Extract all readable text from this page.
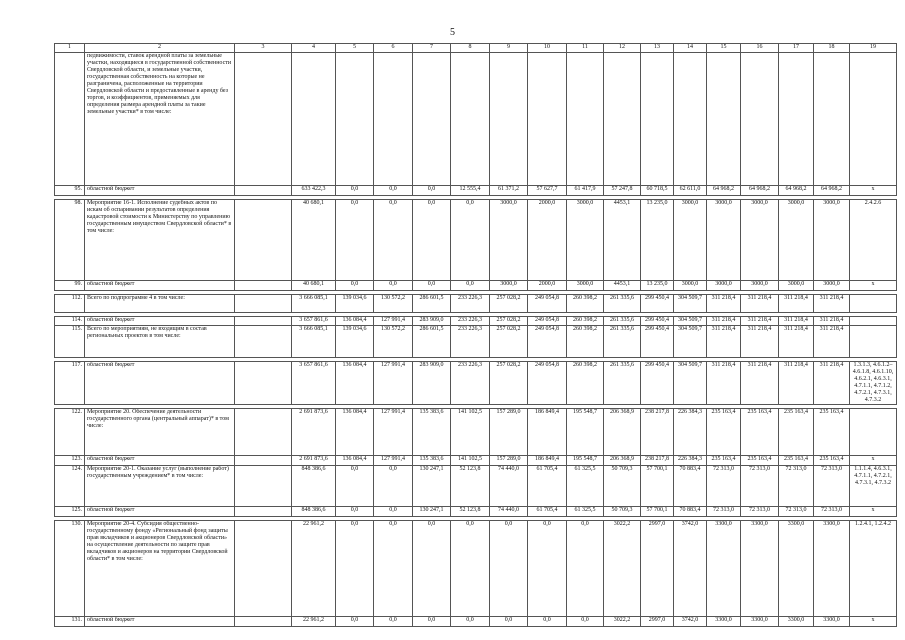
5
1	2	3	4	5	6	7	8	9	10	11	12	13	14	15	16	17	18	19
	педвижимости, ставок арендной платы за земельные участки, находящиеся в государственной собственности Свердловской области, и земельные участки, государственная собственность на которые не разграничена, расположенные на территории Свердловской области и предоставленные в аренду без торгов, и коэффициентов, применяемых для определения размера арендной платы за такие земельные участки* в том числе:																	
95.	областной бюджет		633 422,3	0,0	0,0	0,0	12 555,4	61 371,2	57 627,7	61 417,9	57 247,8	60 718,5	62 611,0	64 968,2	64 968,2	64 968,2	64 968,2	х

98.	Мероприятие 16-1. Исполнение судебных актов по искам об оспаривании результатов определения кадастровой стоимости к Министерству по управлению государственным имуществом Свердловской области* в том числе:		40 680,1	0,0	0,0	0,0	0,0	3000,0	2000,0	3000,0	4453,1	13 235,0	3000,0	3000,0	3000,0	3000,0	3000,0	2.4.2.6
99.	областной бюджет		40 680,1	0,0	0,0	0,0	0,0	3000,0	2000,0	3000,0	4453,1	13 235,0	3000,0	3000,0	3000,0	3000,0	3000,0	х

112.	Всего по подпрограмме 4 в том числе:		3 666 085,1	139 034,6	130 572,2	286 601,5	233 226,3	257 028,2	249 054,8	260 398,2	261 335,6	299 450,4	304 509,7	311 218,4	311 218,4	311 218,4	311 218,4	

114.	областной бюджет		3 657 861,6	136 084,4	127 991,4	283 909,0	233 226,3	257 028,2	249 054,8	260 398,2	261 335,6	299 450,4	304 509,7	311 218,4	311 218,4	311 218,4	311 218,4	
115.	Всего по мероприятиям, не входящим в состав региональных проектов в том числе:		3 666 085,1	139 034,6	130 572,2	286 601,5	233 226,3	257 028,2	249 054,8	260 398,2	261 335,6	299 450,4	304 509,7	311 218,4	311 218,4	311 218,4	311 218,4	

117.	областной бюджет		3 657 861,6	136 084,4	127 991,4	283 909,0	233 226,3	257 028,2	249 054,8	260 398,2	261 335,6	299 450,4	304 509,7	311 218,4	311 218,4	311 218,4	311 218,4	1.3.1.3, 4.6.1.2–4.6.1.8, 4.6.1.10, 4.6.2.1, 4.6.3.1, 4.7.1.1, 4.7.1.2, 4.7.2.1, 4.7.3.1, 4.7.3.2

122.	Мероприятие 20. Обеспечение деятельности государственного органа (центральный аппарат)* в том числе:		2 691 873,6	136 084,4	127 991,4	135 383,6	141 102,5	157 289,0	186 849,4	195 548,7	206 368,9	238 217,8	226 384,3	235 163,4	235 163,4	235 163,4	235 163,4	
123.	областной бюджет		2 691 873,6	136 084,4	127 991,4	135 383,6	141 102,5	157 289,0	186 849,4	195 548,7	206 368,9	238 217,8	226 384,3	235 163,4	235 163,4	235 163,4	235 163,4	х
124.	Мероприятие 20-1. Оказание услуг (выполнение работ) государственным учреждением* в том числе:		848 386,6	0,0	0,0	130 247,1	52 123,8	74 440,0	61 705,4	61 325,5	50 709,3	57 700,1	70 883,4	72 313,0	72 313,0	72 313,0	72 313,0	1.1.1.4, 4.6.3.1, 4.7.1.1, 4.7.2.1, 4.7.3.1, 4.7.3.2
125.	областной бюджет		848 386,6	0,0	0,0	130 247,1	52 123,8	74 440,0	61 705,4	61 325,5	50 709,3	57 700,1	70 883,4	72 313,0	72 313,0	72 313,0	72 313,0	х

130.	Мероприятие 20-4. Субсидия общественно-государственному фонду «Региональный фонд защиты прав вкладчиков и акционеров Свердловской области» на осуществление деятельности по защите прав вкладчиков и акционеров на территории Свердловской области* в том числе:		22 961,2	0,0	0,0	0,0	0,0	0,0	0,0	0,0	3022,2	2997,0	3742,0	3300,0	3300,0	3300,0	3300,0	1.2.4.1, 1.2.4.2
131.	областной бюджет		22 961,2	0,0	0,0	0,0	0,0	0,0	0,0	0,0	3022,2	2997,0	3742,0	3300,0	3300,0	3300,0	3300,0	х
